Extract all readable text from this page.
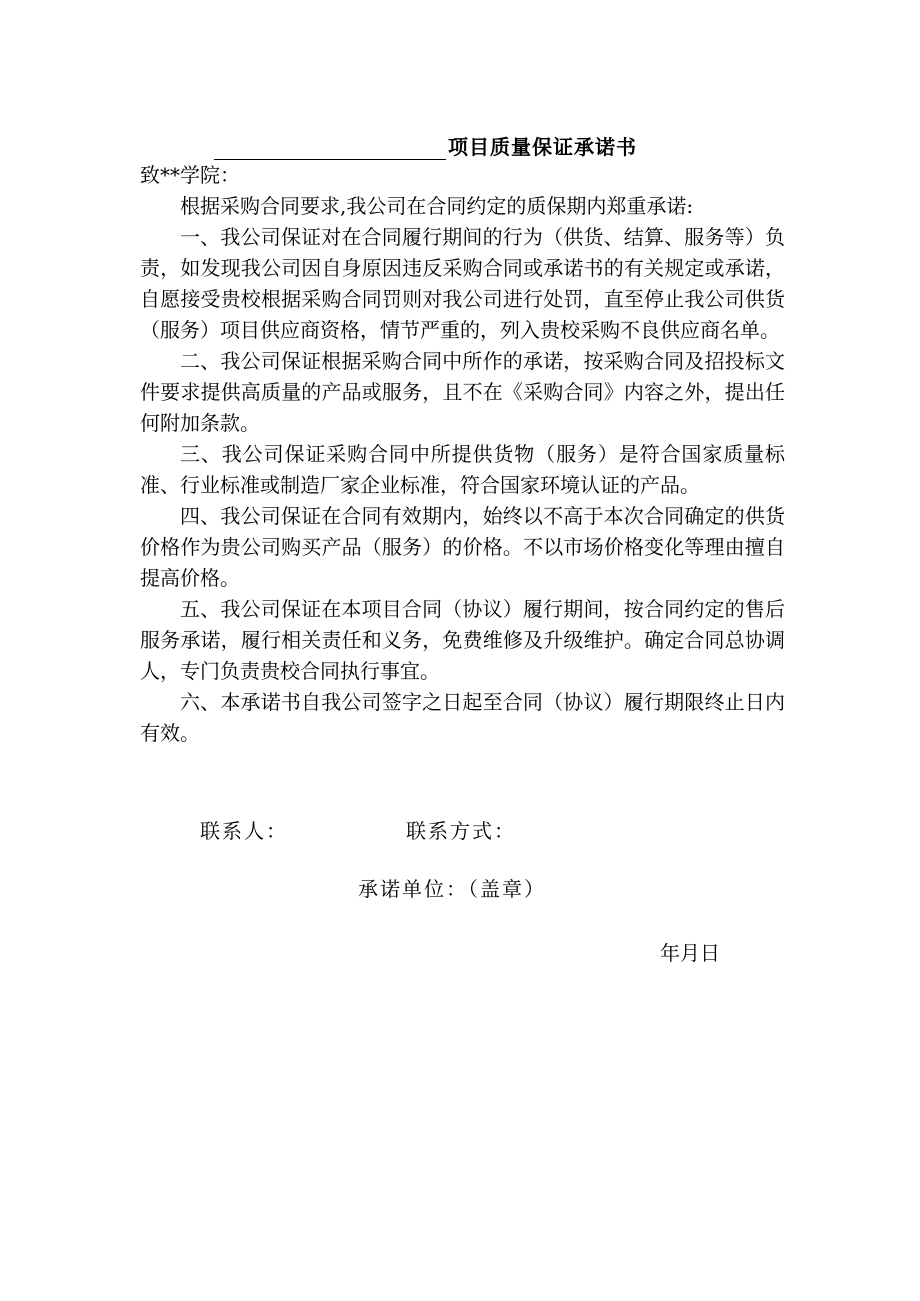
项目质量保证承诺书

致**学院：

根据采购合同要求,我公司在合同约定的质保期内郑重承诺:

一、我公司保证对在合同履行期间的行为（供货、结算、服务等）负责，如发现我公司因自身原因违反采购合同或承诺书的有关规定或承诺，自愿接受贵校根据采购合同罚则对我公司进行处罚，直至停止我公司供货（服务）项目供应商资格，情节严重的，列入贵校采购不良供应商名单。

二、我公司保证根据采购合同中所作的承诺，按采购合同及招投标文件要求提供高质量的产品或服务，且不在《采购合同》内容之外，提出任何附加条款。

三、我公司保证采购合同中所提供货物（服务）是符合国家质量标准、行业标准或制造厂家企业标准，符合国家环境认证的产品。

四、我公司保证在合同有效期内，始终以不高于本次合同确定的供货价格作为贵公司购买产品（服务）的价格。不以市场价格变化等理由擅自提高价格。

五、我公司保证在本项目合同（协议）履行期间，按合同约定的售后服务承诺，履行相关责任和义务，免费维修及升级维护。确定合同总协调人，专门负责贵校合同执行事宜。

六、本承诺书自我公司签字之日起至合同（协议）履行期限终止日内有效。

联系人：	联系方式：
承诺单位：（盖章）
年月日
